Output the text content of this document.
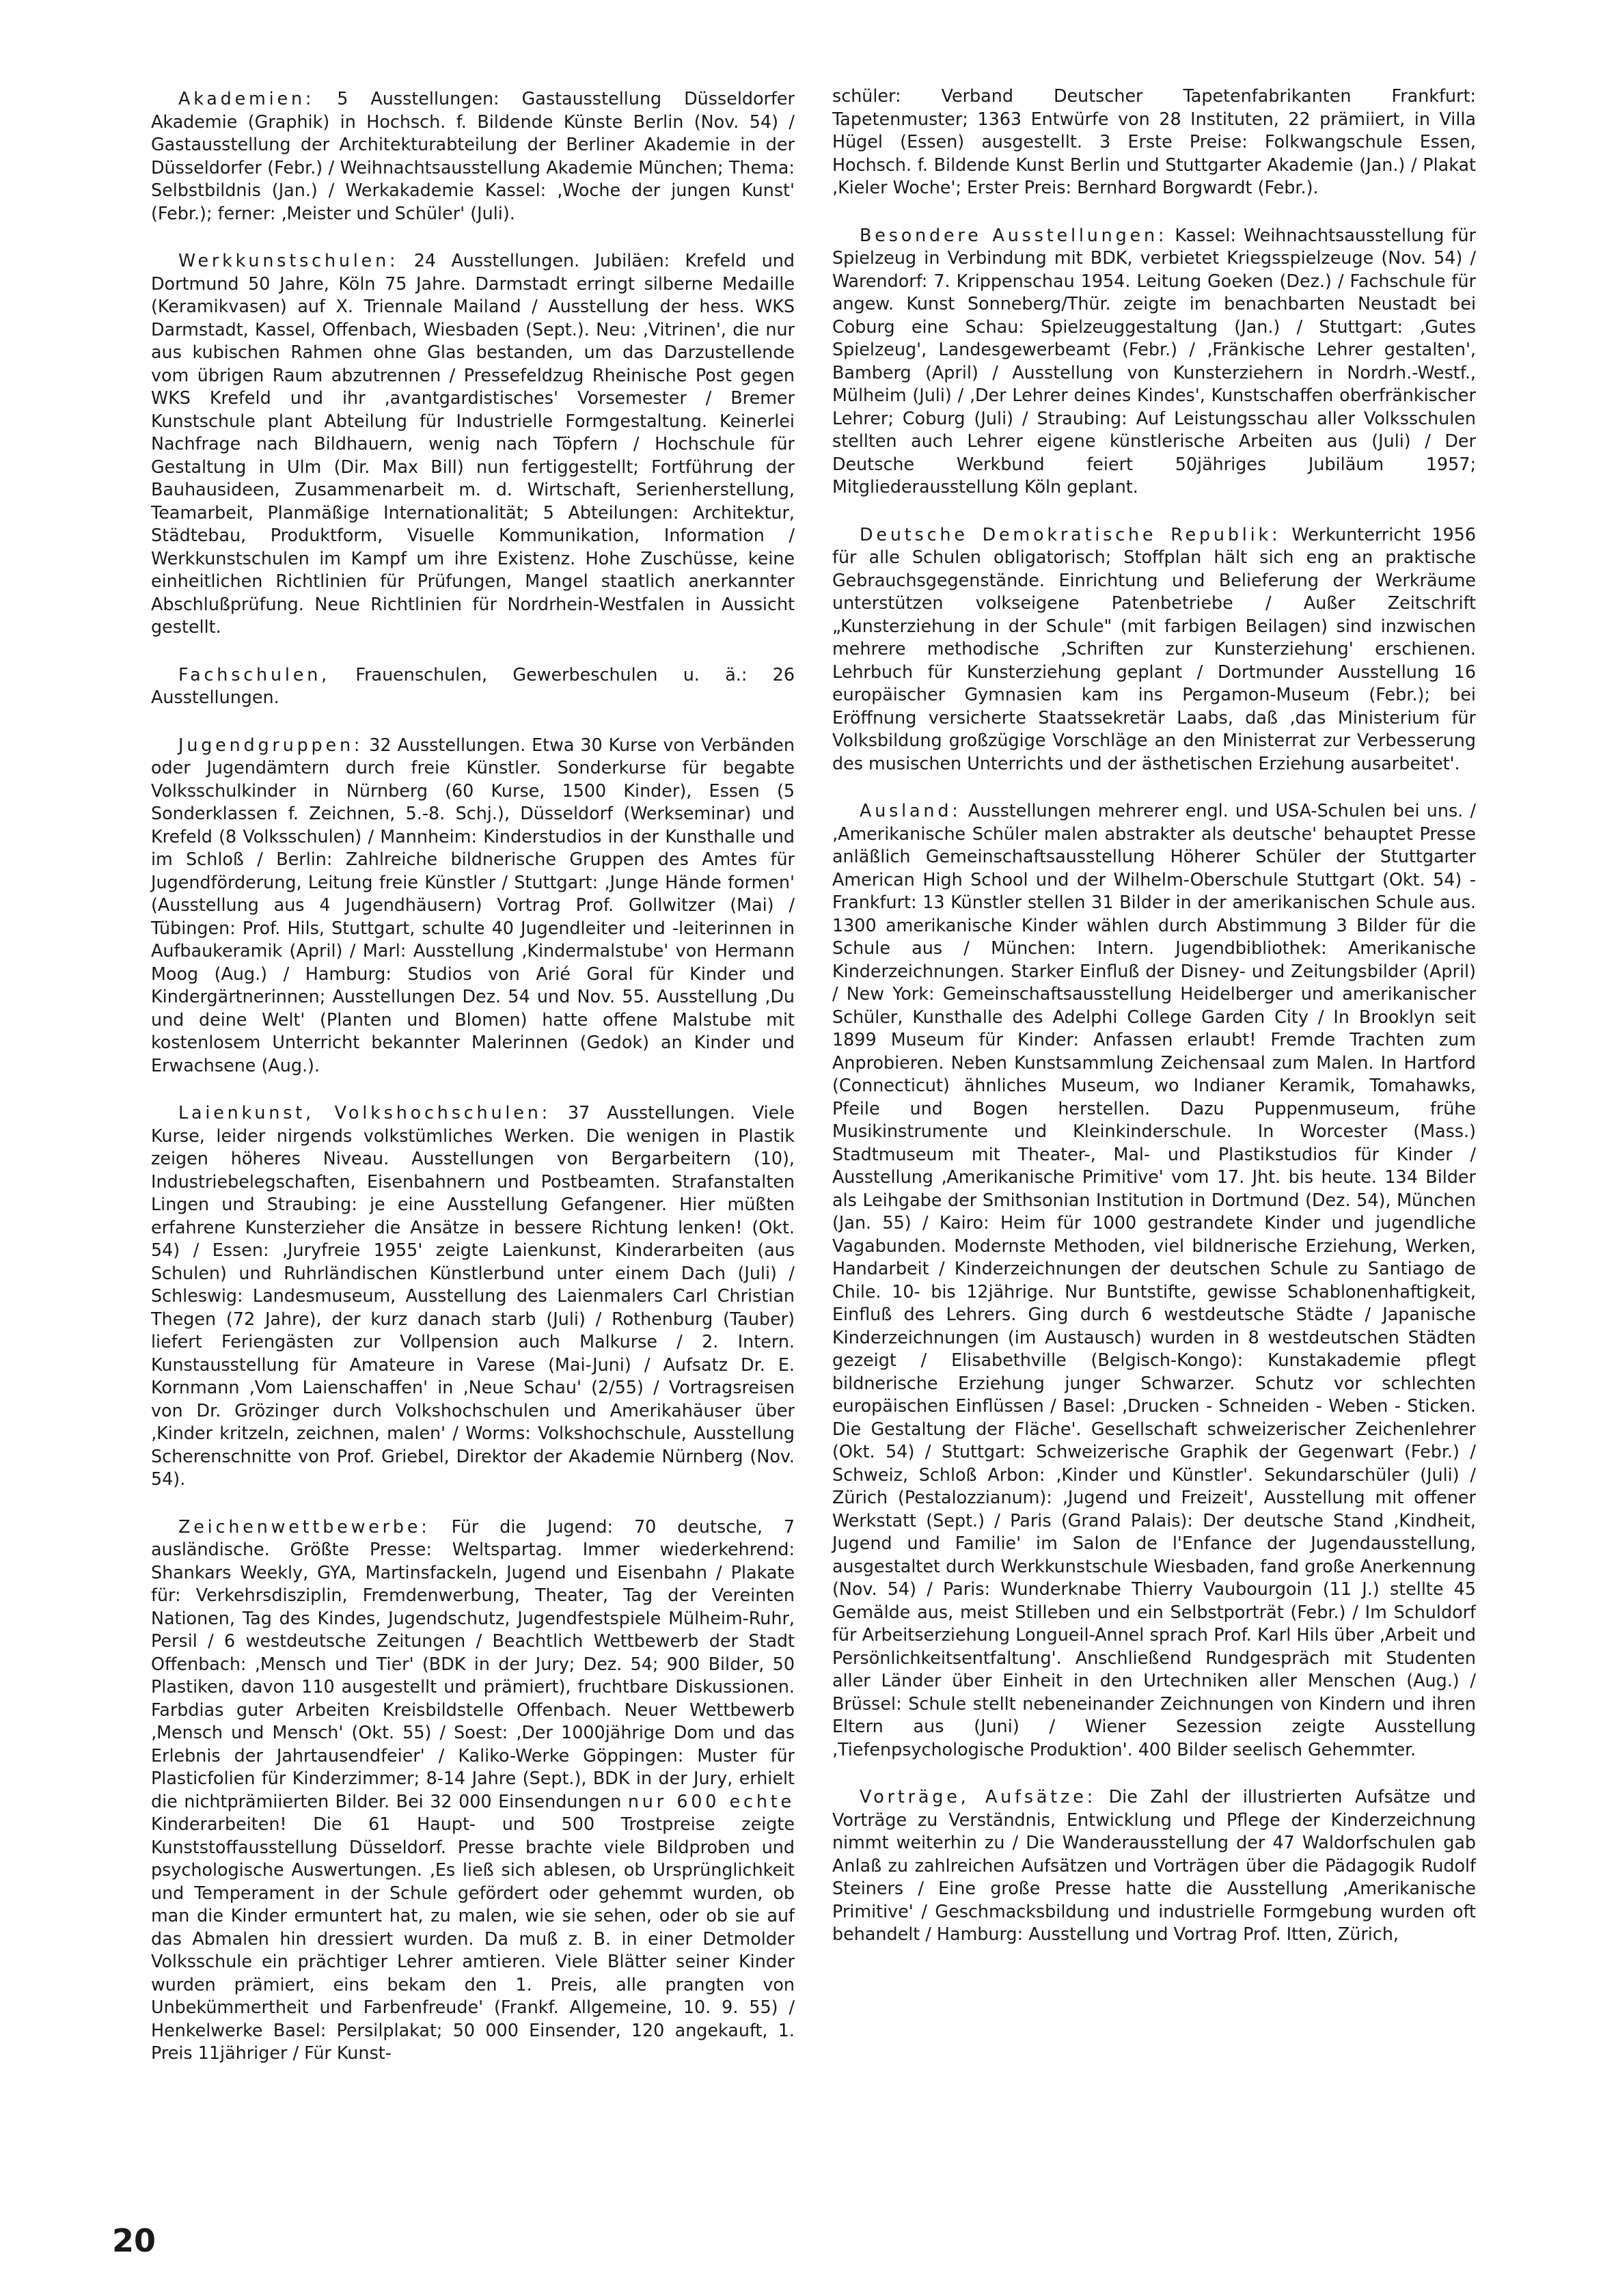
Akademien: 5 Ausstellungen: Gastausstellung Düsseldorfer Akademie (Graphik) in Hochsch. f. Bildende Künste Berlin (Nov. 54) / Gastausstellung der Architekturabteilung der Berliner Akademie in der Düsseldorfer (Febr.) / Weihnachtsausstellung Akademie München; Thema: Selbstbildnis (Jan.) / Werkakademie Kassel: ‚Woche der jungen Kunst' (Febr.); ferner: ‚Meister und Schüler' (Juli).

Werkkunstschulen: 24 Ausstellungen. Jubiläen: Krefeld und Dortmund 50 Jahre, Köln 75 Jahre. Darmstadt erringt silberne Medaille (Keramikvasen) auf X. Triennale Mailand / Ausstellung der hess. WKS Darmstadt, Kassel, Offenbach, Wiesbaden (Sept.). Neu: ‚Vitrinen', die nur aus kubischen Rahmen ohne Glas bestanden, um das Darzustellende vom übrigen Raum abzutrennen / Pressefeldzug Rheinische Post gegen WKS Krefeld und ihr ‚avantgardistisches' Vorsemester / Bremer Kunstschule plant Abteilung für Industrielle Formgestaltung. Keinerlei Nachfrage nach Bildhauern, wenig nach Töpfern / Hochschule für Gestaltung in Ulm (Dir. Max Bill) nun fertiggestellt; Fortführung der Bauhausideen, Zusammenarbeit m. d. Wirtschaft, Serienherstellung, Teamarbeit, Planmäßige Internationalität; 5 Abteilungen: Architektur, Städtebau, Produktform, Visuelle Kommunikation, Information / Werkkunstschulen im Kampf um ihre Existenz. Hohe Zuschüsse, keine einheitlichen Richtlinien für Prüfungen, Mangel staatlich anerkannter Abschlußprüfung. Neue Richtlinien für Nordrhein-Westfalen in Aussicht gestellt.

Fachschulen, Frauenschulen, Gewerbeschulen u. ä.: 26 Ausstellungen.

Jugendgruppen: 32 Ausstellungen. Etwa 30 Kurse von Verbänden oder Jugendämtern durch freie Künstler. Sonderkurse für begabte Volksschulkinder in Nürnberg (60 Kurse, 1500 Kinder), Essen (5 Sonderklassen f. Zeichnen, 5.-8. Schj.), Düsseldorf (Werkseminar) und Krefeld (8 Volksschulen) / Mannheim: Kinderstudios in der Kunsthalle und im Schloß / Berlin: Zahlreiche bildnerische Gruppen des Amtes für Jugendförderung, Leitung freie Künstler / Stuttgart: ‚Junge Hände formen' (Ausstellung aus 4 Jugendhäusern) Vortrag Prof. Gollwitzer (Mai) / Tübingen: Prof. Hils, Stuttgart, schulte 40 Jugendleiter und -leiterinnen in Aufbaukeramik (April) / Marl: Ausstellung ‚Kindermalstube' von Hermann Moog (Aug.) / Hamburg: Studios von Arié Goral für Kinder und Kindergärtnerinnen; Ausstellungen Dez. 54 und Nov. 55. Ausstellung ‚Du und deine Welt' (Planten und Blomen) hatte offene Malstube mit kostenlosem Unterricht bekannter Malerinnen (Gedok) an Kinder und Erwachsene (Aug.).

Laienkunst, Volkshochschulen: 37 Ausstellungen. Viele Kurse, leider nirgends volkstümliches Werken. Die wenigen in Plastik zeigen höheres Niveau. Ausstellungen von Bergarbeitern (10), Industriebelegschaften, Eisenbahnern und Postbeamten. Strafanstalten Lingen und Straubing: je eine Ausstellung Gefangener. Hier müßten erfahrene Kunsterzieher die Ansätze in bessere Richtung lenken! (Okt. 54) / Essen: ‚Juryfreie 1955' zeigte Laienkunst, Kinderarbeiten (aus Schulen) und Ruhrländischen Künstlerbund unter einem Dach (Juli) / Schleswig: Landesmuseum, Ausstellung des Laienmalers Carl Christian Thegen (72 Jahre), der kurz danach starb (Juli) / Rothenburg (Tauber) liefert Feriengästen zur Vollpension auch Malkurse / 2. Intern. Kunstausstellung für Amateure in Varese (Mai-Juni) / Aufsatz Dr. E. Kornmann ‚Vom Laienschaffen' in ‚Neue Schau' (2/55) / Vortragsreisen von Dr. Grözinger durch Volkshochschulen und Amerikahäuser über ‚Kinder kritzeln, zeichnen, malen' / Worms: Volkshochschule, Ausstellung Scherenschnitte von Prof. Griebel, Direktor der Akademie Nürnberg (Nov. 54).

Zeichenwettbewerbe: Für die Jugend: 70 deutsche, 7 ausländische. Größte Presse: Weltspartag. Immer wiederkehrend: Shankars Weekly, GYA, Martinsfackeln, Jugend und Eisenbahn / Plakate für: Verkehrsdisziplin, Fremdenwerbung, Theater, Tag der Vereinten Nationen, Tag des Kindes, Jugendschutz, Jugendfestspiele Mülheim-Ruhr, Persil / 6 westdeutsche Zeitungen / Beachtlich Wettbewerb der Stadt Offenbach: ‚Mensch und Tier' (BDK in der Jury; Dez. 54; 900 Bilder, 50 Plastiken, davon 110 ausgestellt und prämiert), fruchtbare Diskussionen. Farbdias guter Arbeiten Kreisbildstelle Offenbach. Neuer Wettbewerb ‚Mensch und Mensch' (Okt. 55) / Soest: ‚Der 1000jährige Dom und das Erlebnis der Jahrtausendfeier' / Kaliko-Werke Göppingen: Muster für Plasticfolien für Kinderzimmer; 8-14 Jahre (Sept.), BDK in der Jury, erhielt die nichtprämiierten Bilder. Bei 32 000 Einsendungen nur 600 echte Kinderarbeiten! Die 61 Haupt- und 500 Trostpreise zeigte Kunststoffausstellung Düsseldorf. Presse brachte viele Bildproben und psychologische Auswertungen. ‚Es ließ sich ablesen, ob Ursprünglichkeit und Temperament in der Schule gefördert oder gehemmt wurden, ob man die Kinder ermuntert hat, zu malen, wie sie sehen, oder ob sie auf das Abmalen hin dressiert wurden. Da muß z. B. in einer Detmolder Volksschule ein prächtiger Lehrer amtieren. Viele Blätter seiner Kinder wurden prämiert, eins bekam den 1. Preis, alle prangten von Unbekümmertheit und Farbenfreude' (Frankf. Allgemeine, 10. 9. 55) / Henkelwerke Basel: Persilplakat; 50 000 Einsender, 120 angekauft, 1. Preis 11jähriger / Für Kunst-

schüler: Verband Deutscher Tapetenfabrikanten Frankfurt: Tapetenmuster; 1363 Entwürfe von 28 Instituten, 22 prämiiert, in Villa Hügel (Essen) ausgestellt. 3 Erste Preise: Folkwangschule Essen, Hochsch. f. Bildende Kunst Berlin und Stuttgarter Akademie (Jan.) / Plakat ‚Kieler Woche'; Erster Preis: Bernhard Borgwardt (Febr.).

Besondere Ausstellungen: Kassel: Weihnachtsausstellung für Spielzeug in Verbindung mit BDK, verbietet Kriegsspielzeuge (Nov. 54) / Warendorf: 7. Krippenschau 1954. Leitung Goeken (Dez.) / Fachschule für angew. Kunst Sonneberg/Thür. zeigte im benachbarten Neustadt bei Coburg eine Schau: Spielzeuggestaltung (Jan.) / Stuttgart: ‚Gutes Spielzeug', Landesgewerbeamt (Febr.) / ‚Fränkische Lehrer gestalten', Bamberg (April) / Ausstellung von Kunsterziehern in Nordrh.-Westf., Mülheim (Juli) / ‚Der Lehrer deines Kindes', Kunstschaffen oberfränkischer Lehrer; Coburg (Juli) / Straubing: Auf Leistungsschau aller Volksschulen stellten auch Lehrer eigene künstlerische Arbeiten aus (Juli) / Der Deutsche Werkbund feiert 50jähriges Jubiläum 1957; Mitgliederausstellung Köln geplant.

Deutsche Demokratische Republik: Werkunterricht 1956 für alle Schulen obligatorisch; Stoffplan hält sich eng an praktische Gebrauchsgegenstände. Einrichtung und Belieferung der Werkräume unterstützen volkseigene Patenbetriebe / Außer Zeitschrift „Kunsterziehung in der Schule" (mit farbigen Beilagen) sind inzwischen mehrere methodische ‚Schriften zur Kunsterziehung' erschienen. Lehrbuch für Kunsterziehung geplant / Dortmunder Ausstellung 16 europäischer Gymnasien kam ins Pergamon-Museum (Febr.); bei Eröffnung versicherte Staatssekretär Laabs, daß ‚das Ministerium für Volksbildung großzügige Vorschläge an den Ministerrat zur Verbesserung des musischen Unterrichts und der ästhetischen Erziehung ausarbeitet'.

Ausland: Ausstellungen mehrerer engl. und USA-Schulen bei uns. / ‚Amerikanische Schüler malen abstrakter als deutsche' behauptet Presse anläßlich Gemeinschaftsausstellung Höherer Schüler der Stuttgarter American High School und der Wilhelm-Oberschule Stuttgart (Okt. 54) - Frankfurt: 13 Künstler stellen 31 Bilder in der amerikanischen Schule aus. 1300 amerikanische Kinder wählen durch Abstimmung 3 Bilder für die Schule aus / München: Intern. Jugendbibliothek: Amerikanische Kinderzeichnungen. Starker Einfluß der Disney- und Zeitungsbilder (April) / New York: Gemeinschaftsausstellung Heidelberger und amerikanischer Schüler, Kunsthalle des Adelphi College Garden City / In Brooklyn seit 1899 Museum für Kinder: Anfassen erlaubt! Fremde Trachten zum Anprobieren. Neben Kunstsammlung Zeichensaal zum Malen. In Hartford (Connecticut) ähnliches Museum, wo Indianer Keramik, Tomahawks, Pfeile und Bogen herstellen. Dazu Puppenmuseum, frühe Musikinstrumente und Kleinkinderschule. In Worcester (Mass.) Stadtmuseum mit Theater-, Mal- und Plastikstudios für Kinder / Ausstellung ‚Amerikanische Primitive' vom 17. Jht. bis heute. 134 Bilder als Leihgabe der Smithsonian Institution in Dortmund (Dez. 54), München (Jan. 55) / Kairo: Heim für 1000 gestrandete Kinder und jugendliche Vagabunden. Modernste Methoden, viel bildnerische Erziehung, Werken, Handarbeit / Kinderzeichnungen der deutschen Schule zu Santiago de Chile. 10- bis 12jährige. Nur Buntstifte, gewisse Schablonenhaftigkeit, Einfluß des Lehrers. Ging durch 6 westdeutsche Städte / Japanische Kinderzeichnungen (im Austausch) wurden in 8 westdeutschen Städten gezeigt / Elisabethville (Belgisch-Kongo): Kunstakademie pflegt bildnerische Erziehung junger Schwarzer. Schutz vor schlechten europäischen Einflüssen / Basel: ‚Drucken - Schneiden - Weben - Sticken. Die Gestaltung der Fläche'. Gesellschaft schweizerischer Zeichenlehrer (Okt. 54) / Stuttgart: Schweizerische Graphik der Gegenwart (Febr.) / Schweiz, Schloß Arbon: ‚Kinder und Künstler'. Sekundarschüler (Juli) / Zürich (Pestalozzianum): ‚Jugend und Freizeit', Ausstellung mit offener Werkstatt (Sept.) / Paris (Grand Palais): Der deutsche Stand ‚Kindheit, Jugend und Familie' im Salon de l'Enfance der Jugendausstellung, ausgestaltet durch Werkkunstschule Wiesbaden, fand große Anerkennung (Nov. 54) / Paris: Wunderknabe Thierry Vaubourgoin (11 J.) stellte 45 Gemälde aus, meist Stilleben und ein Selbstporträt (Febr.) / Im Schuldorf für Arbeitserziehung Longueil-Annel sprach Prof. Karl Hils über ‚Arbeit und Persönlichkeitsentfaltung'. Anschließend Rundgespräch mit Studenten aller Länder über Einheit in den Urtechniken aller Menschen (Aug.) / Brüssel: Schule stellt nebeneinander Zeichnungen von Kindern und ihren Eltern aus (Juni) / Wiener Sezession zeigte Ausstellung ‚Tiefenpsychologische Produktion'. 400 Bilder seelisch Gehemmter.

Vorträge, Aufsätze: Die Zahl der illustrierten Aufsätze und Vorträge zu Verständnis, Entwicklung und Pflege der Kinderzeichnung nimmt weiterhin zu / Die Wanderausstellung der 47 Waldorfschulen gab Anlaß zu zahlreichen Aufsätzen und Vorträgen über die Pädagogik Rudolf Steiners / Eine große Presse hatte die Ausstellung ‚Amerikanische Primitive' / Geschmacksbildung und industrielle Formgebung wurden oft behandelt / Hamburg: Ausstellung und Vortrag Prof. Itten, Zürich,

20
